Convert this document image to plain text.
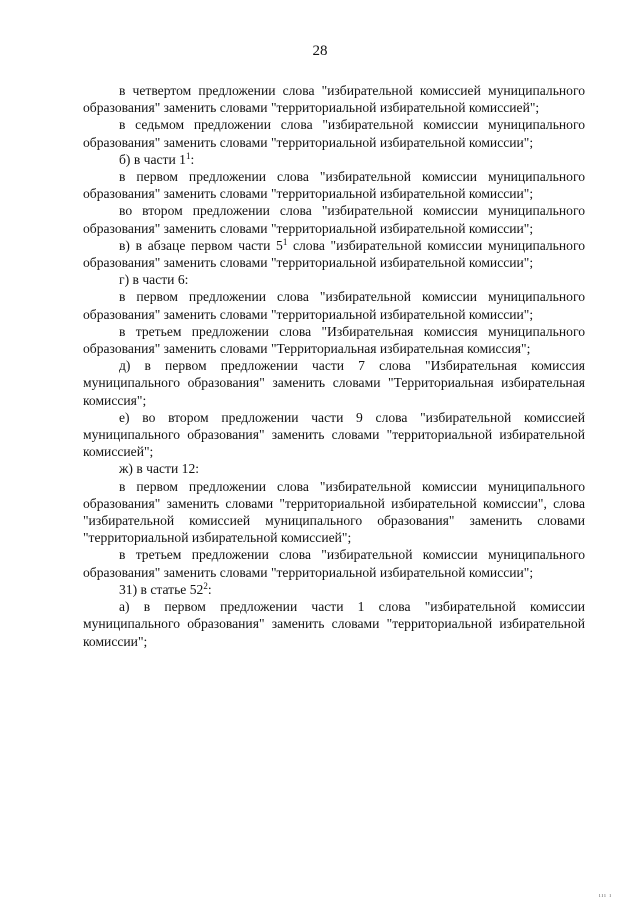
28

в четвертом предложении слова "избирательной комиссией муниципального образования" заменить словами "территориальной избирательной комиссией";

в седьмом предложении слова "избирательной комиссии муниципального образования" заменить словами "территориальной избирательной комиссии";

б) в части $1^1$:

в первом предложении слова "избирательной комиссии муниципального образования" заменить словами "территориальной избирательной комиссии";

во втором предложении слова "избирательной комиссии муниципального образования" заменить словами "территориальной избирательной комиссии";

в) в абзаце первом части $5^1$ слова "избирательной комиссии муниципального образования" заменить словами "территориальной избирательной комиссии";

г) в части 6:

в первом предложении слова "избирательной комиссии муниципального образования" заменить словами "территориальной избирательной комиссии";

в третьем предложении слова "Избирательная комиссия муниципального образования" заменить словами "Территориальная избирательная комиссия";

д) в первом предложении части 7 слова "Избирательная комиссия муниципального образования" заменить словами "Территориальная избирательная комиссия";

е) во втором предложении части 9 слова "избирательной комиссией муниципального образования" заменить словами "территориальной избирательной комиссией";

ж) в части 12:

в первом предложении слова "избирательной комиссии муниципального образования" заменить словами "территориальной избирательной комиссии", слова "избирательной комиссией муниципального образования" заменить словами "территориальной избирательной комиссией";

в третьем предложении слова "избирательной комиссии муниципального образования" заменить словами "территориальной избирательной комиссии";

31) в статье $52^2$:

а) в первом предложении части 1 слова "избирательной комиссии муниципального образования" заменить словами "территориальной избирательной комиссии";

ııı ı
